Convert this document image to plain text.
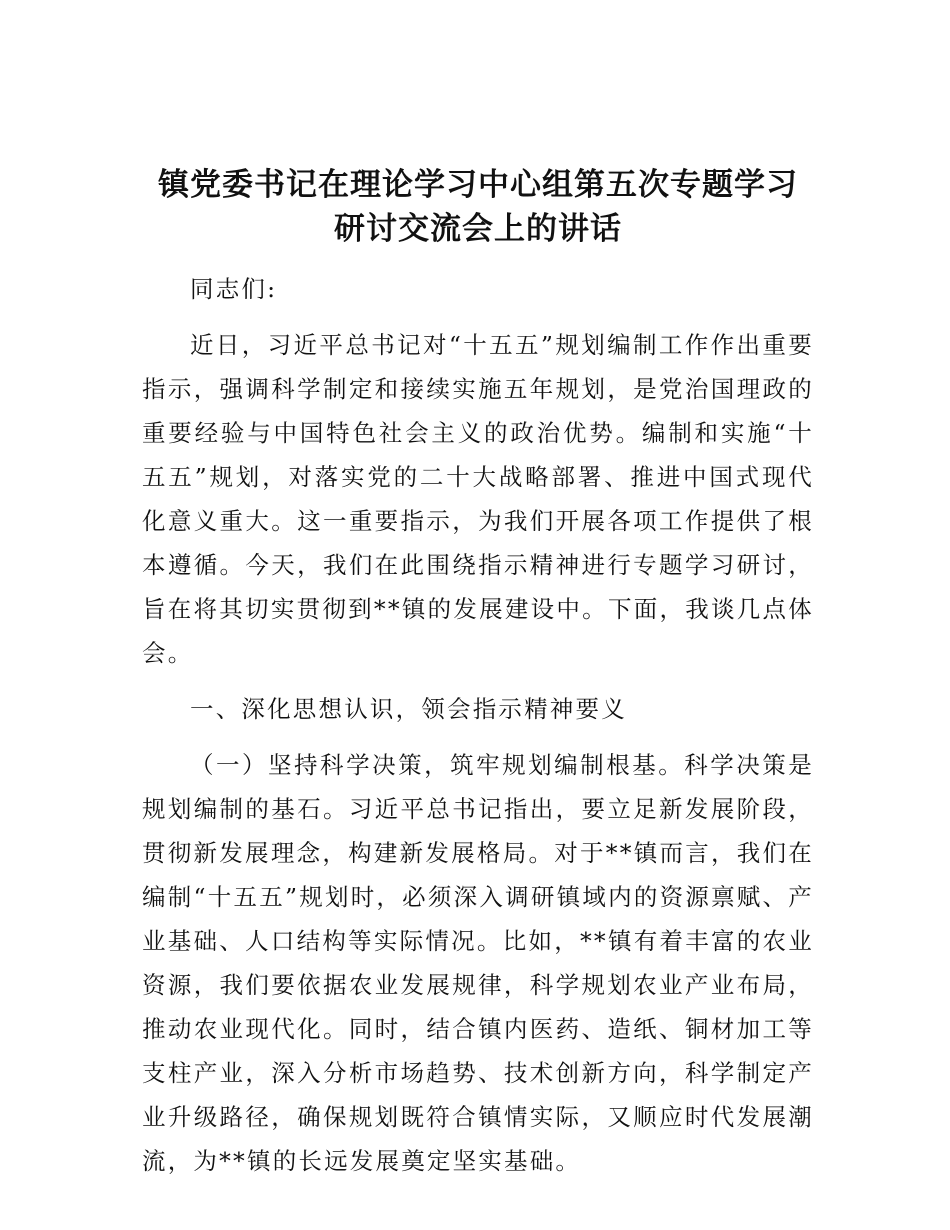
镇党委书记在理论学习中心组第五次专题学习
研讨交流会上的讲话

同志们:

近日，习近平总书记对“十五五”规划编制工作作出重要指示，强调科学制定和接续实施五年规划，是党治国理政的重要经验与中国特色社会主义的政治优势。编制和实施“十五五”规划，对落实党的二十大战略部署、推进中国式现代化意义重大。这一重要指示，为我们开展各项工作提供了根本遵循。今天，我们在此围绕指示精神进行专题学习研讨，旨在将其切实贯彻到**镇的发展建设中。下面，我谈几点体会。

一、深化思想认识，领会指示精神要义

（一）坚持科学决策，筑牢规划编制根基。科学决策是规划编制的基石。习近平总书记指出，要立足新发展阶段，贯彻新发展理念，构建新发展格局。对于**镇而言，我们在编制“十五五”规划时，必须深入调研镇域内的资源禀赋、产业基础、人口结构等实际情况。比如，**镇有着丰富的农业资源，我们要依据农业发展规律，科学规划农业产业布局，推动农业现代化。同时，结合镇内医药、造纸、铜材加工等支柱产业，深入分析市场趋势、技术创新方向，科学制定产业升级路径，确保规划既符合镇情实际，又顺应时代发展潮流，为**镇的长远发展奠定坚实基础。
